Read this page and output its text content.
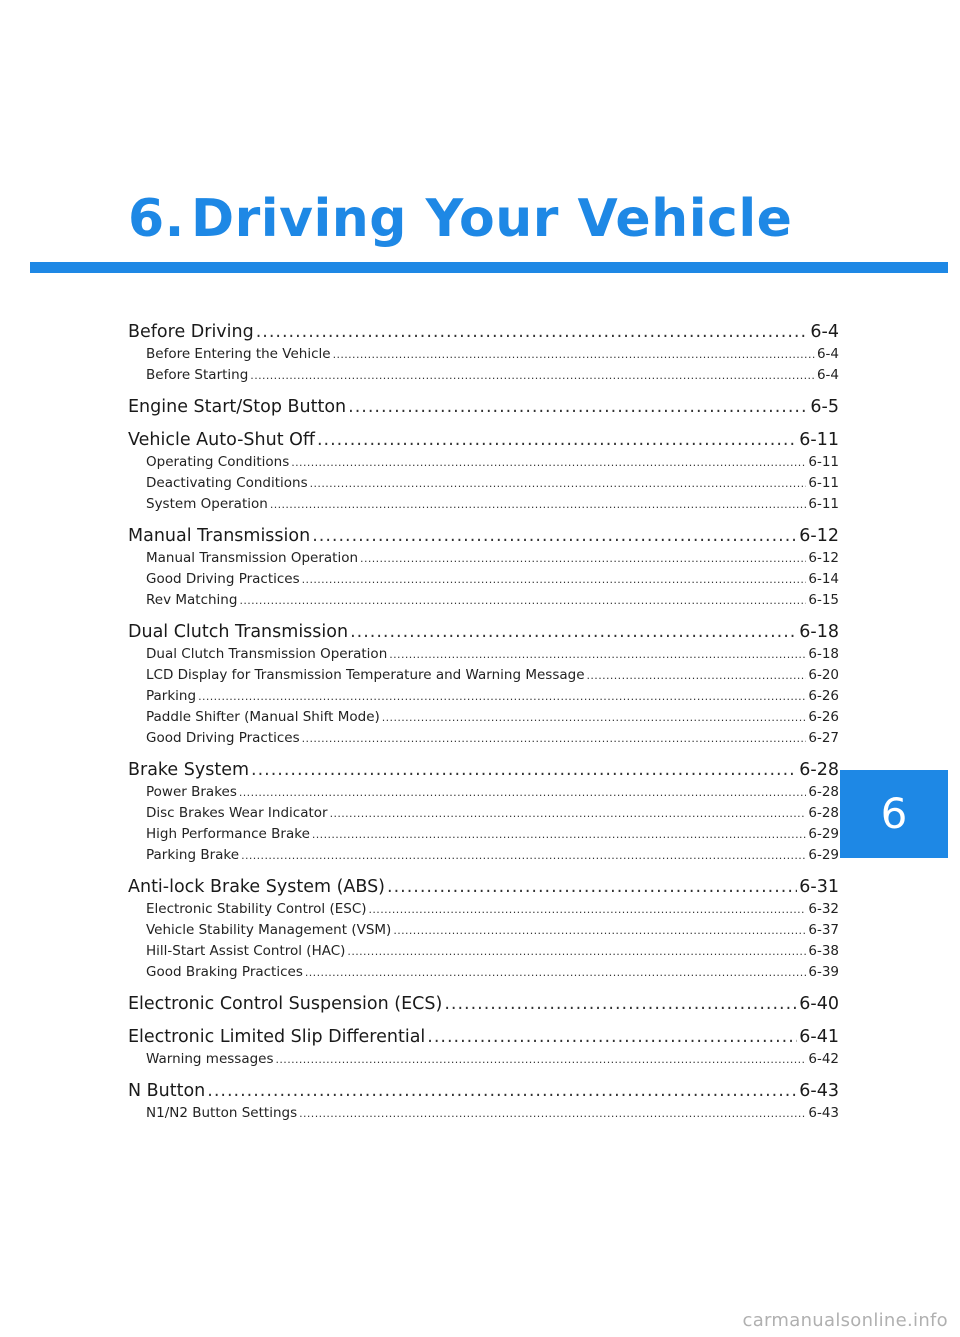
6. Driving Your Vehicle
6
Before Driving .....	6-4
Before Entering the Vehicle .....	6-4
Before Starting .....	6-4
Engine Start/Stop Button .....	6-5
Vehicle Auto-Shut Off .....	6-11
Operating Conditions .....	6-11
Deactivating Conditions .....	6-11
System Operation .....	6-11
Manual Transmission .....	6-12
Manual Transmission Operation .....	6-12
Good Driving Practices .....	6-14
Rev Matching .....	6-15
Dual Clutch Transmission .....	6-18
Dual Clutch Transmission Operation .....	6-18
LCD Display for Transmission Temperature and Warning Message .....	6-20
Parking .....	6-26
Paddle Shifter (Manual Shift Mode) .....	6-26
Good Driving Practices .....	6-27
Brake System .....	6-28
Power Brakes .....	6-28
Disc Brakes Wear Indicator .....	6-28
High Performance Brake .....	6-29
Parking Brake .....	6-29
Anti-lock Brake System (ABS) .....	6-31
Electronic Stability Control (ESC) .....	6-32
Vehicle Stability Management (VSM) .....	6-37
Hill-Start Assist Control (HAC) .....	6-38
Good Braking Practices .....	6-39
Electronic Control Suspension (ECS) .....	6-40
Electronic Limited Slip Differential .....	6-41
Warning messages .....	6-42
N Button .....	6-43
N1/N2 Button Settings .....	6-43
carmanualsonline.info
